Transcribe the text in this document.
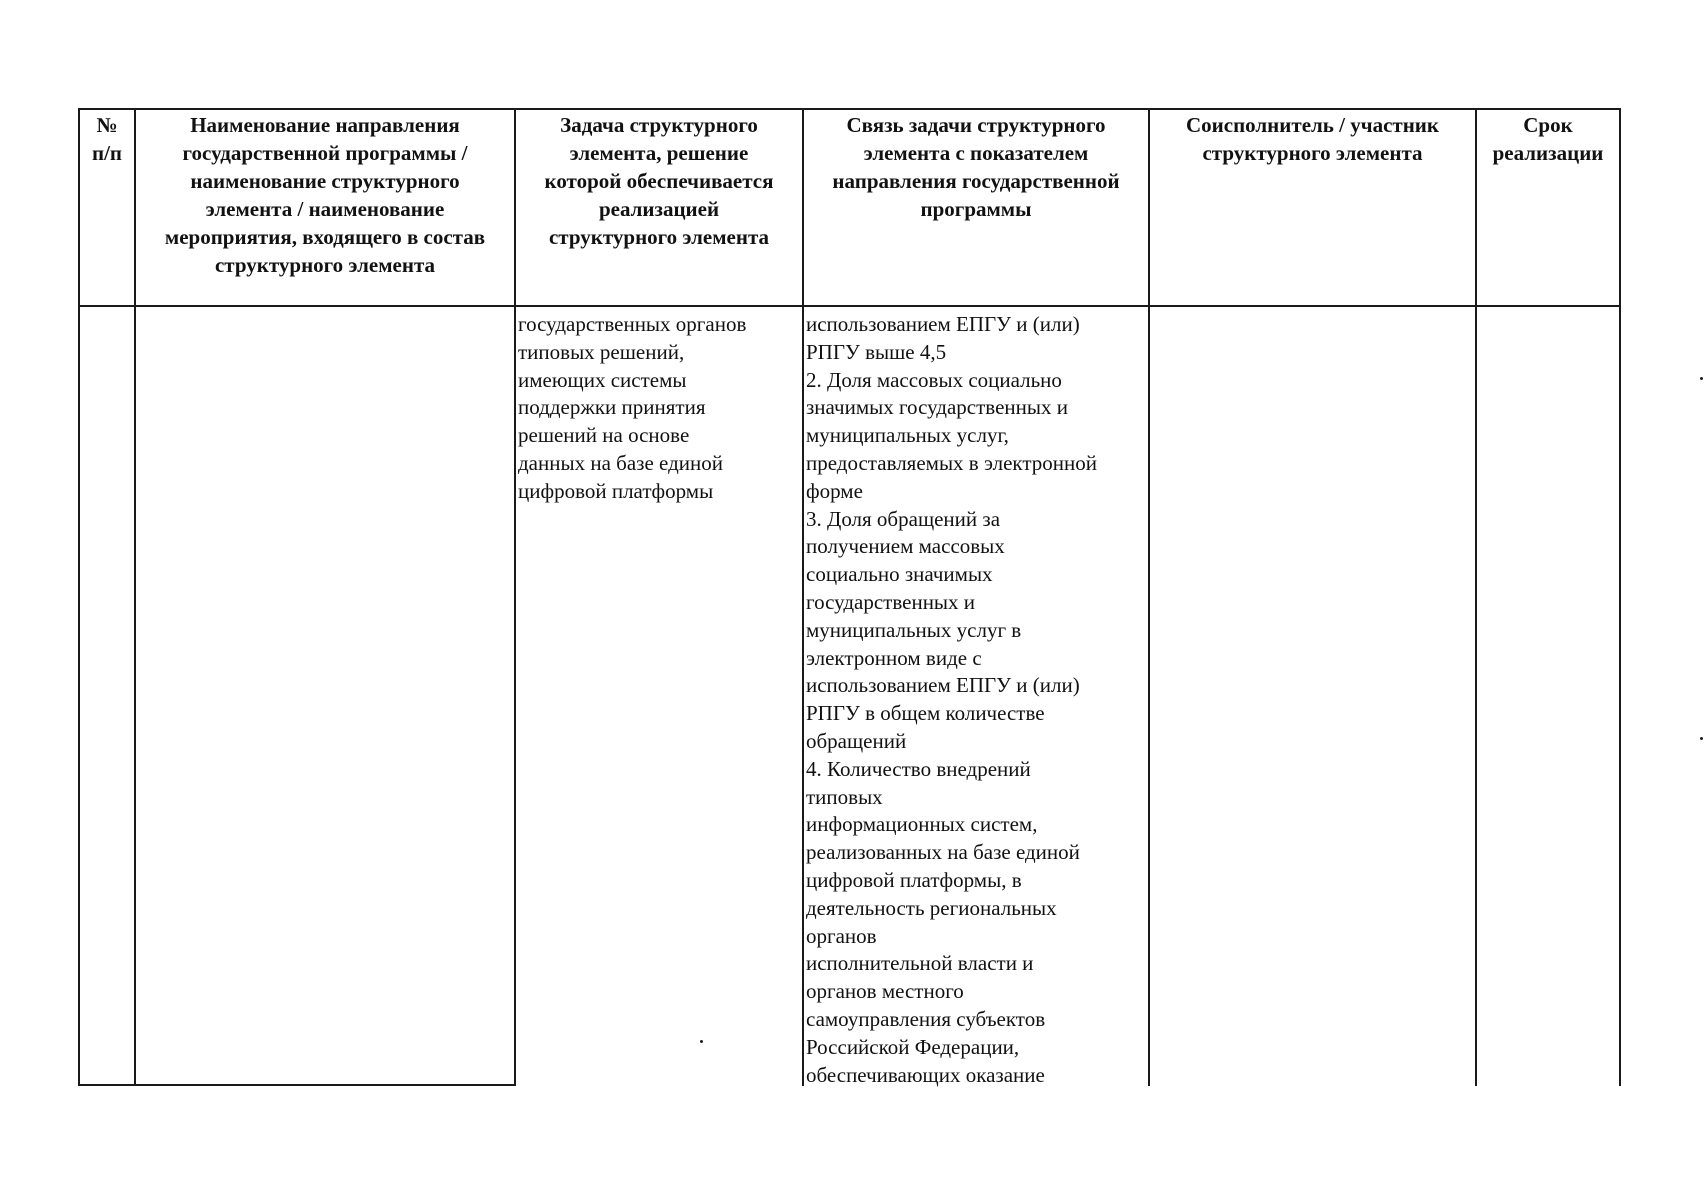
№
п/п
Наименование направления
государственной программы /
наименование структурного
элемента / наименование
мероприятия, входящего в состав
структурного элемента
Задача структурного
элемента, решение
которой обеспечивается
реализацией
структурного элемента
Связь задачи структурного
элемента с показателем
направления государственной
программы
Соисполнитель / участник
структурного элемента
Срок
реализации
государственных органов
типовых решений,
имеющих системы
поддержки принятия
решений на основе
данных на базе единой
цифровой платформы
использованием ЕПГУ и (или)
РПГУ выше 4,5
2. Доля массовых социально
значимых государственных и
муниципальных услуг,
предоставляемых в электронной
форме
3. Доля обращений за
получением массовых
социально значимых
государственных и
муниципальных услуг в
электронном виде с
использованием ЕПГУ и (или)
РПГУ в общем количестве
обращений
4. Количество внедрений
типовых
информационных систем,
реализованных на базе единой
цифровой платформы, в
деятельность региональных
органов
исполнительной власти и
органов местного
самоуправления субъектов
Российской Федерации,
обеспечивающих оказание
